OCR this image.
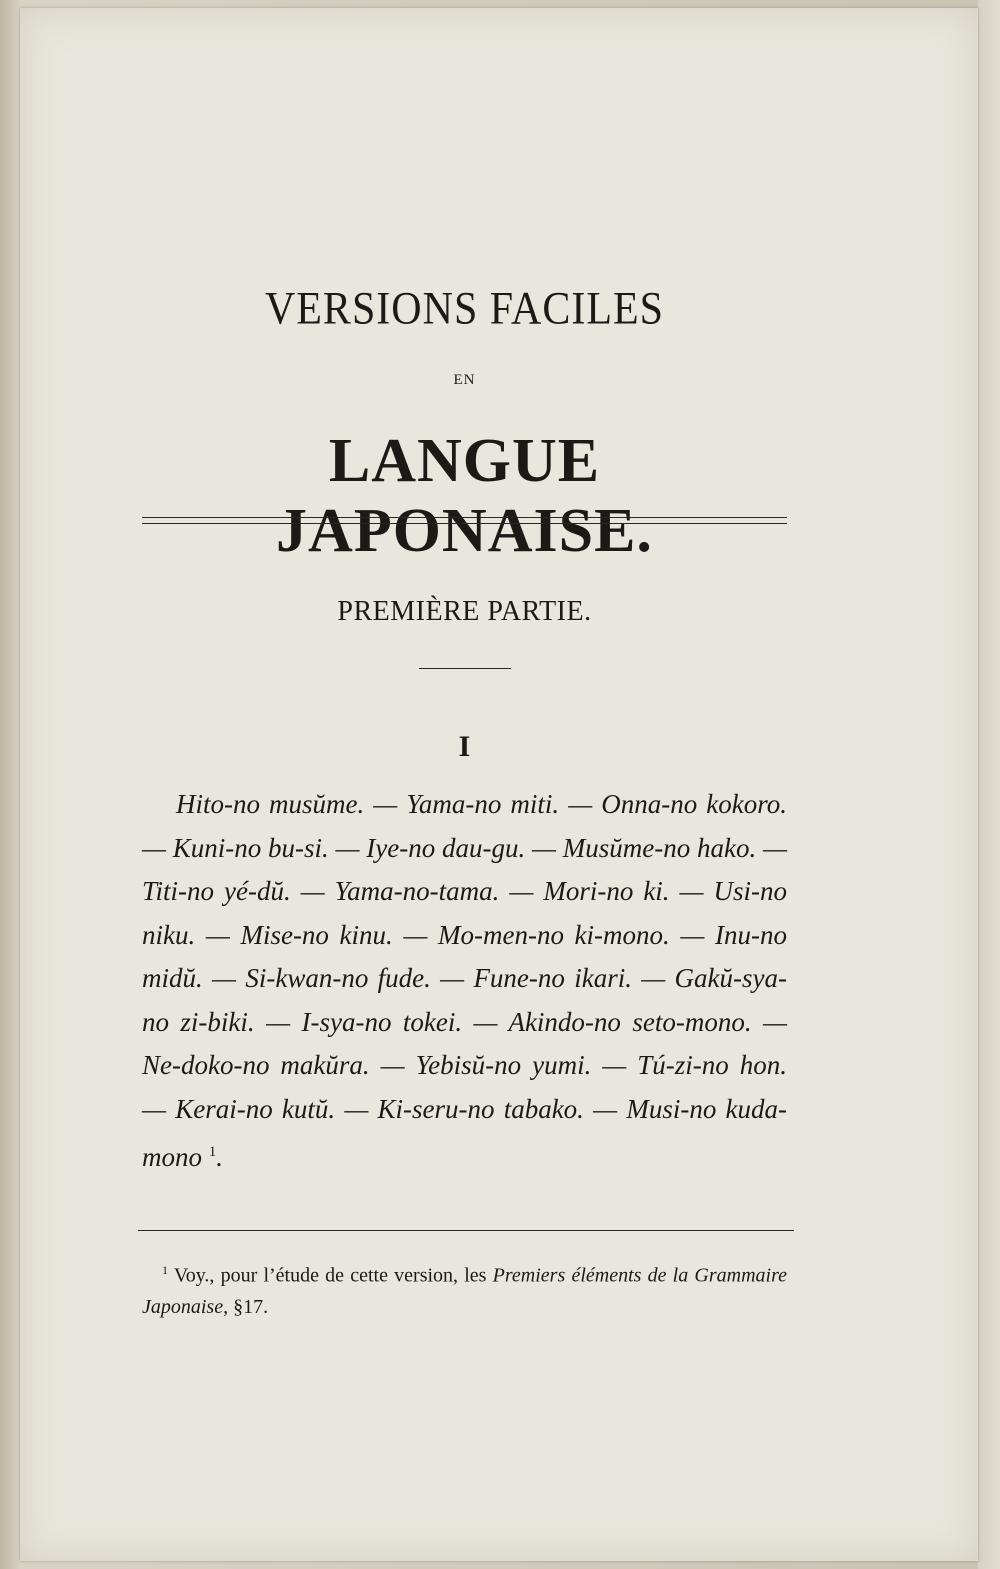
VERSIONS FACILES
EN
LANGUE JAPONAISE.
PREMIÈRE PARTIE.
I
Hito-no musŭme. — Yama-no miti. — Onna-no kokoro. — Kuni-no bu-si. — Iye-no dau-gu. — Musŭme-no hako. — Titi-no yé-dŭ. — Yama-no-tama. — Mori-no ki. — Usi-no niku. — Mise-no kinu. — Mo-men-no ki-mono. — Inu-no midŭ. — Si-kwan-no fude. — Fune-no ikari. — Gakŭ-sya-no zi-biki. — I-sya-no tokei. — Akindo-no seto-mono. — Ne-doko-no makŭra. — Yebisŭ-no yumi. — Tú-zi-no hon. — Kerai-no kutŭ. — Ki-seru-no tabako. — Musi-no kuda-mono $^1$.
$^1$ Voy., pour l’étude de cette version, les Premiers éléments de la Grammaire Japonaise, §17.
